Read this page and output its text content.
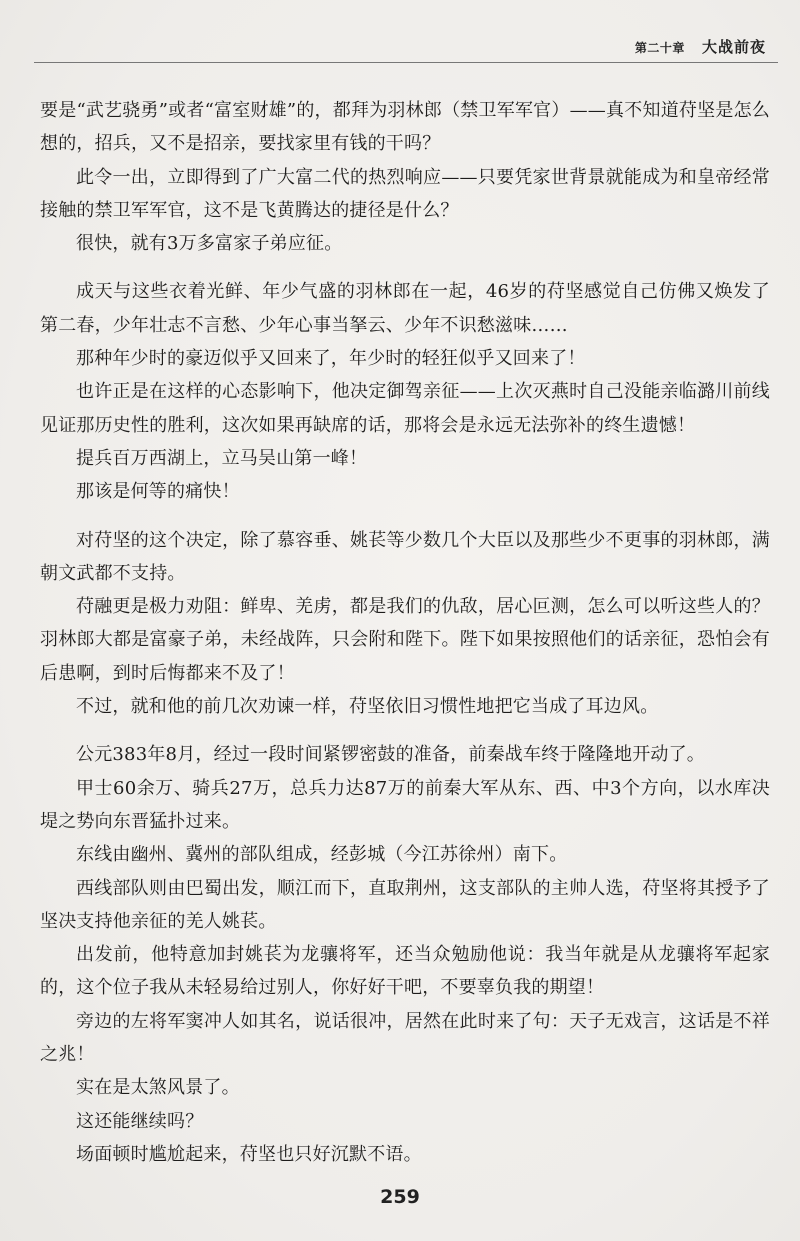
第二十章 大战前夜

要是“武艺骁勇”或者“富室财雄”的，都拜为羽林郎（禁卫军军官）——真不知道苻坚是怎么想的，招兵，又不是招亲，要找家里有钱的干吗？

此令一出，立即得到了广大富二代的热烈响应——只要凭家世背景就能成为和皇帝经常接触的禁卫军军官，这不是飞黄腾达的捷径是什么？

很快，就有3万多富家子弟应征。

成天与这些衣着光鲜、年少气盛的羽林郎在一起，46岁的苻坚感觉自己仿佛又焕发了第二春，少年壮志不言愁、少年心事当拏云、少年不识愁滋味……

那种年少时的豪迈似乎又回来了，年少时的轻狂似乎又回来了！

也许正是在这样的心态影响下，他决定御驾亲征——上次灭燕时自己没能亲临潞川前线见证那历史性的胜利，这次如果再缺席的话，那将会是永远无法弥补的终生遗憾！

提兵百万西湖上，立马吴山第一峰！

那该是何等的痛快！

对苻坚的这个决定，除了慕容垂、姚苌等少数几个大臣以及那些少不更事的羽林郎，满朝文武都不支持。

苻融更是极力劝阻：鲜卑、羌虏，都是我们的仇敌，居心叵测，怎么可以听这些人的？羽林郎大都是富豪子弟，未经战阵，只会附和陛下。陛下如果按照他们的话亲征，恐怕会有后患啊，到时后悔都来不及了！

不过，就和他的前几次劝谏一样，苻坚依旧习惯性地把它当成了耳边风。

公元383年8月，经过一段时间紧锣密鼓的准备，前秦战车终于隆隆地开动了。

甲士60余万、骑兵27万，总兵力达87万的前秦大军从东、西、中3个方向，以水库决堤之势向东晋猛扑过来。

东线由幽州、冀州的部队组成，经彭城（今江苏徐州）南下。

西线部队则由巴蜀出发，顺江而下，直取荆州，这支部队的主帅人选，苻坚将其授予了坚决支持他亲征的羌人姚苌。

出发前，他特意加封姚苌为龙骧将军，还当众勉励他说：我当年就是从龙骧将军起家的，这个位子我从未轻易给过别人，你好好干吧，不要辜负我的期望！

旁边的左将军窦冲人如其名，说话很冲，居然在此时来了句：天子无戏言，这话是不祥之兆！

实在是太煞风景了。

这还能继续吗？

场面顿时尴尬起来，苻坚也只好沉默不语。

259
